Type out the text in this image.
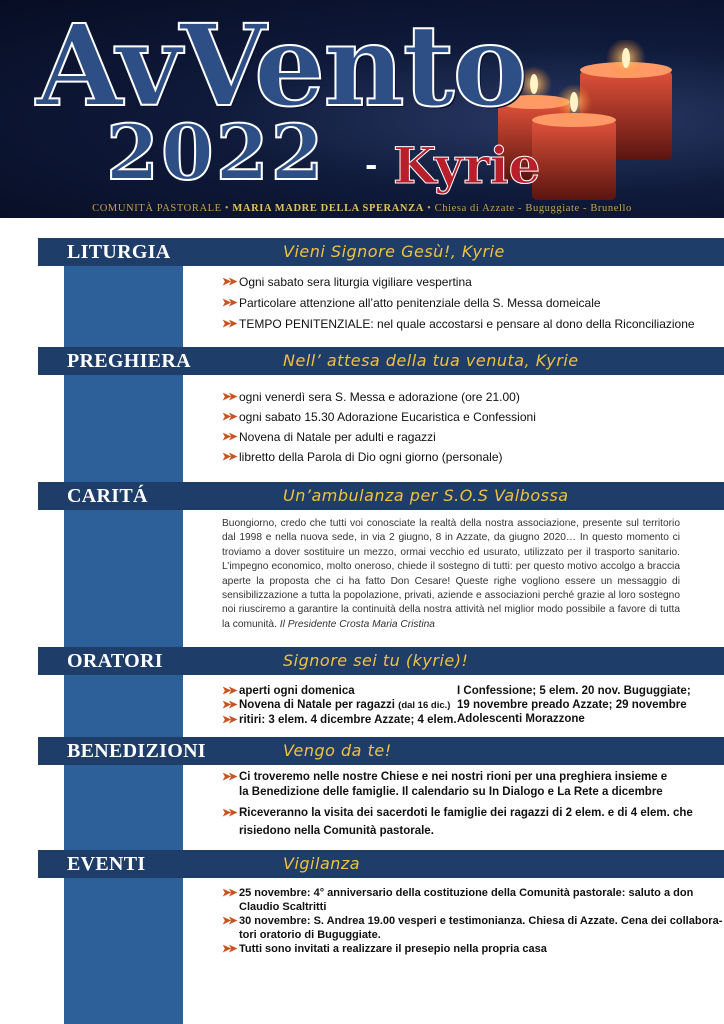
AvVento
2022 - Kyrie
COMUNITÀ PASTORALE • MARIA MADRE DELLA SPERANZA • Chiesa di Azzate - Buguggiate - Brunello
LITURGIA	Vieni Signore Gesù!, Kyrie
➤➤ Ogni sabato sera liturgia vigiliare vespertina
➤➤ Particolare attenzione all’atto penitenziale della S. Messa domeicale
➤➤ TEMPO PENITENZIALE: nel quale accostarsi e pensare al dono della Riconciliazione
PREGHIERA	Nell’ attesa della tua venuta, Kyrie
➤➤ ogni venerdì sera S. Messa e adorazione (ore 21.00)
➤➤ ogni sabato 15.30 Adorazione Eucaristica e Confessioni
➤➤ Novena di Natale per adulti e ragazzi
➤➤ libretto della Parola di Dio ogni giorno (personale)
CARITÁ	Un’ambulanza per S.O.S Valbossa
Buongiorno, credo che tutti voi conosciate la realtà della nostra associazione, presente sul territorio dal 1998 e nella nuova sede, in via 2 giugno, 8 in Azzate, da giugno 2020… In questo momento ci troviamo a dover sostituire un mezzo, ormai vecchio ed usurato, utilizzato per il trasporto sanitario. L’impegno economico, molto oneroso, chiede il sostegno di tutti: per questo motivo accolgo a braccia aperte la proposta che ci ha fatto Don Cesare! Queste righe vogliono essere un messaggio di sensibilizzazione a tutta la popolazione, privati, aziende e associazioni perché grazie al loro sostegno noi riusciremo a garantire la continuità della nostra attività nel miglior modo possibile a favore di tutta la comunità. Il Presidente Crosta Maria Cristina
ORATORI	Signore sei tu (kyrie)!
➤➤ aperti ogni domenica
➤➤ Novena di Natale per ragazzi (dal 16 dic.)
➤➤ ritiri: 3 elem. 4 dicembre Azzate; 4 elem.
I Confessione; 5 elem. 20 nov. Buguggiate;
19 novembre preado Azzate; 29 novembre
Adolescenti Morazzone
BENEDIZIONI	Vengo da te!
➤➤ Ci troveremo nelle nostre Chiese e nei nostri rioni per una preghiera insieme e
la Benedizione delle famiglie. Il calendario su In Dialogo e La Rete a dicembre
➤➤ Riceveranno la visita dei sacerdoti le famiglie dei ragazzi di 2 elem. e di 4 elem. che
risiedono nella Comunità pastorale.
EVENTI	Vigilanza
➤➤ 25 novembre: 4° anniversario della costituzione della Comunità pastorale: saluto a don
Claudio Scaltritti
➤➤ 30 novembre: S. Andrea 19.00 vesperi e testimonianza. Chiesa di Azzate. Cena dei collabora-
tori oratorio di Buguggiate.
➤➤ Tutti sono invitati a realizzare il presepio nella propria casa
